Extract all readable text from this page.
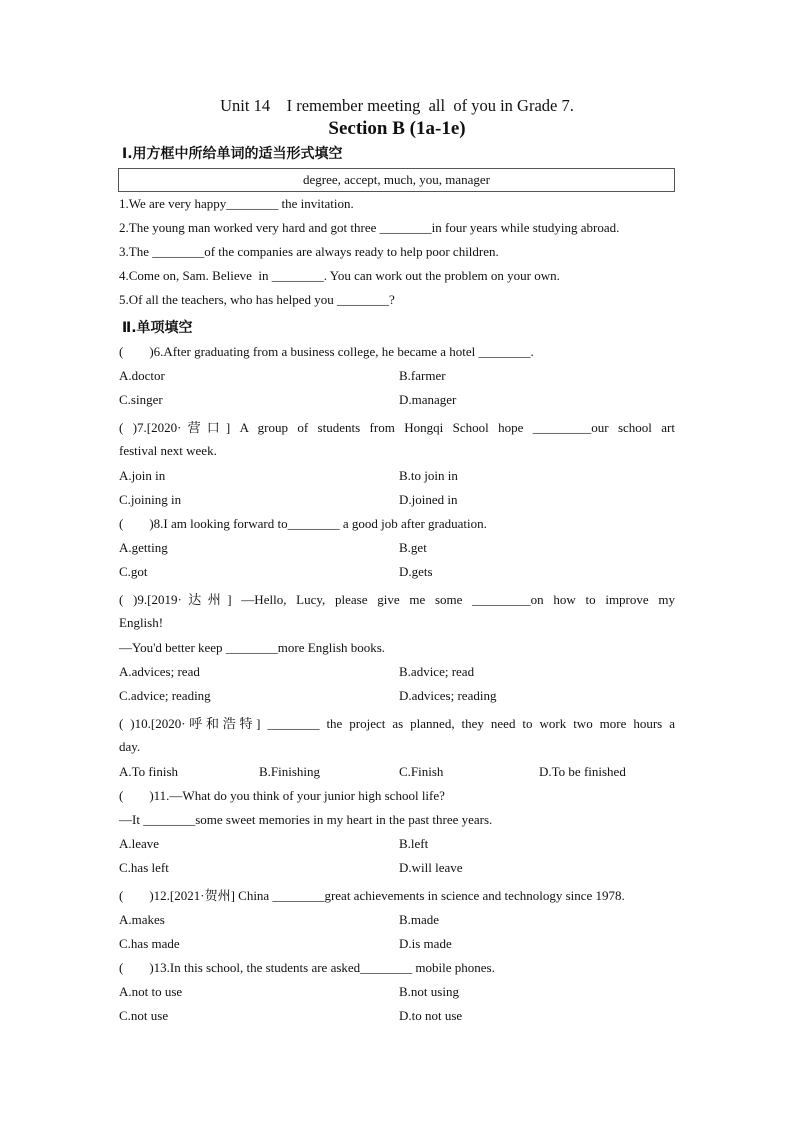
Unit 14    I remember meeting  all  of you in Grade 7.
Section B (1a-1e)
Ⅰ.用方框中所给单词的适当形式填空
degree, accept, much, you, manager
1.We are very happy________ the invitation.
2.The young man worked very hard and got three ________in four years while studying abroad.
3.The ________of the companies are always ready to help poor children.
4.Come on, Sam. Believe  in ________. You can work out the problem on your own.
5.Of all the teachers, who has helped you ________?
Ⅱ.单项填空
(        )6.After graduating from a business college, he became a hotel ________.
A.doctor	B.farmer
C.singer	D.manager
( )7.[2020·营口] A group of students from Hongqi School hope _________our school art
festival next week.
A.join in	B.to join in
C.joining in	D.joined in
(        )8.I am looking forward to________ a good job after graduation.
A.getting	B.get
C.got	D.gets
( )9.[2019·达州] —Hello, Lucy, please give me some _________on how to improve my
English!
—You'd better keep ________more English books.
A.advices; read	B.advice; read
C.advice; reading	D.advices; reading
( )10.[2020·呼和浩特] ________ the project as planned, they need to work two more hours a
day.
A.To finish	B.Finishing	C.Finish	D.To be finished
(        )11.—What do you think of your junior high school life?
—It ________some sweet memories in my heart in the past three years.
A.leave	B.left
C.has left	D.will leave
(        )12.[2021·贺州] China ________great achievements in science and technology since 1978.
A.makes	B.made
C.has made	D.is made
(        )13.In this school, the students are asked________ mobile phones.
A.not to use	B.not using
C.not use	D.to not use
